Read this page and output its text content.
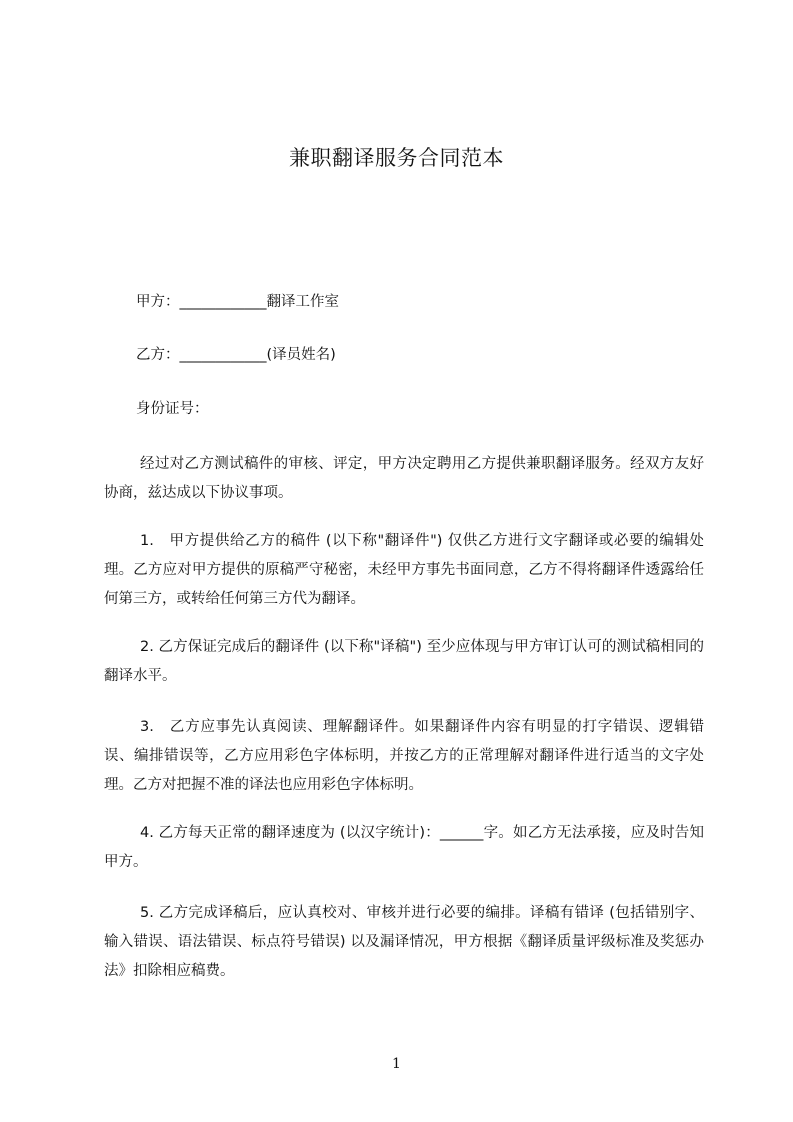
兼职翻译服务合同范本
甲方：____________翻译工作室
乙方：____________(译员姓名)
身份证号：
经过对乙方测试稿件的审核、评定，甲方决定聘用乙方提供兼职翻译服务。经双方友好协商，兹达成以下协议事项。
1.　甲方提供给乙方的稿件 (以下称"翻译件") 仅供乙方进行文字翻译或必要的编辑处理。乙方应对甲方提供的原稿严守秘密，未经甲方事先书面同意，乙方不得将翻译件透露给任何第三方，或转给任何第三方代为翻译。
2. 乙方保证完成后的翻译件 (以下称"译稿") 至少应体现与甲方审订认可的测试稿相同的翻译水平。
3.　乙方应事先认真阅读、理解翻译件。如果翻译件内容有明显的打字错误、逻辑错误、编排错误等，乙方应用彩色字体标明，并按乙方的正常理解对翻译件进行适当的文字处理。乙方对把握不准的译法也应用彩色字体标明。
4. 乙方每天正常的翻译速度为 (以汉字统计)：______字。如乙方无法承接，应及时告知甲方。
5. 乙方完成译稿后，应认真校对、审核并进行必要的编排。译稿有错译 (包括错别字、输入错误、语法错误、标点符号错误) 以及漏译情况，甲方根据《翻译质量评级标准及奖惩办法》扣除相应稿费。
1
